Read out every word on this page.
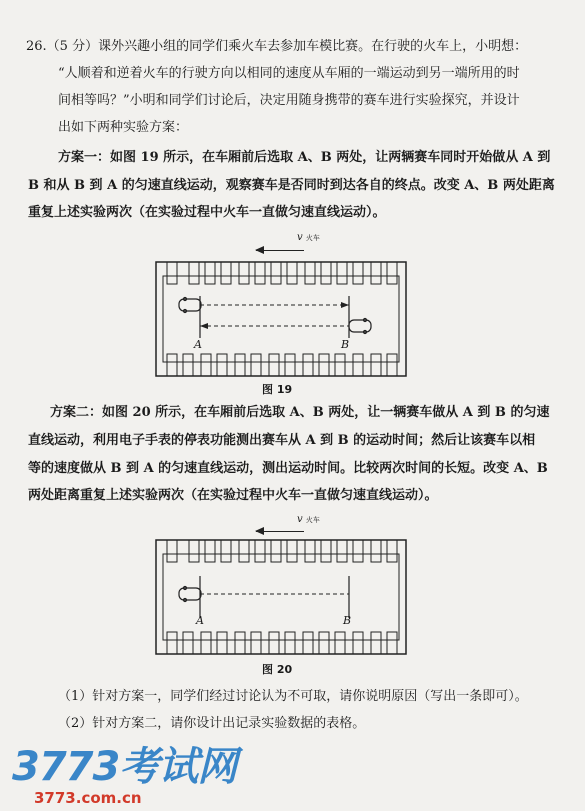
26.（5 分）课外兴趣小组的同学们乘火车去参加车模比赛。在行驶的火车上，小明想：
“人顺着和逆着火车的行驶方向以相同的速度从车厢的一端运动到另一端所用的时
间相等吗？”小明和同学们讨论后，决定用随身携带的赛车进行实验探究，并设计
出如下两种实验方案：
方案一：如图 19 所示，在车厢前后选取 A、B 两处，让两辆赛车同时开始做从 A 到
B 和从 B 到 A 的匀速直线运动，观察赛车是否同时到达各自的终点。改变 A、B 两处距离
重复上述实验两次（在实验过程中火车一直做匀速直线运动）。
v 火车
A	B
图 19
方案二：如图 20 所示，在车厢前后选取 A、B 两处，让一辆赛车做从 A 到 B 的匀速
直线运动，利用电子手表的停表功能测出赛车从 A 到 B 的运动时间；然后让该赛车以相
等的速度做从 B 到 A 的匀速直线运动，测出运动时间。比较两次时间的长短。改变 A、B
两处距离重复上述实验两次（在实验过程中火车一直做匀速直线运动）。
v 火车
A	B
图 20
（1）针对方案一，同学们经过讨论认为不可取，请你说明原因（写出一条即可）。
（2）针对方案二，请你设计出记录实验数据的表格。
3773考试网
3773.com.cn
